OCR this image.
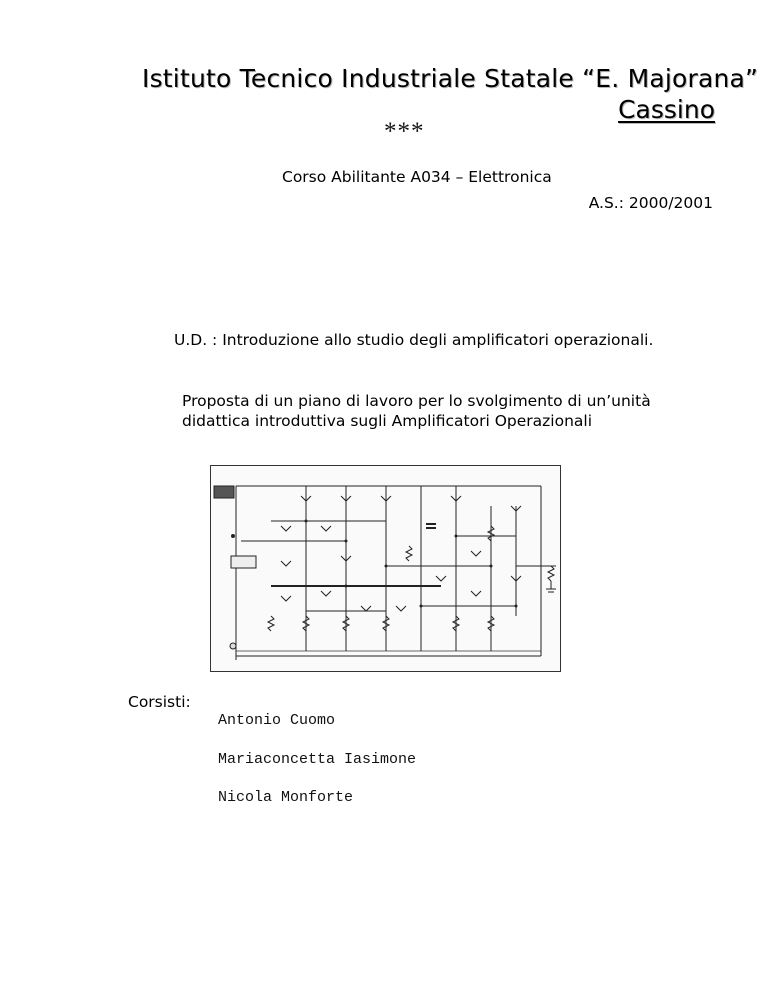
Istituto Tecnico Industriale Statale “E. Majorana”
Cassino
***
Corso Abilitante A034 – Elettronica
A.S.: 2000/2001
U.D. : Introduzione allo studio degli amplificatori operazionali.
Proposta di un piano di lavoro per lo svolgimento di un’unità didattica introduttiva sugli Amplificatori Operazionali
Corsisti:
Antonio Cuomo
Mariaconcetta Iasimone
Nicola Monforte
